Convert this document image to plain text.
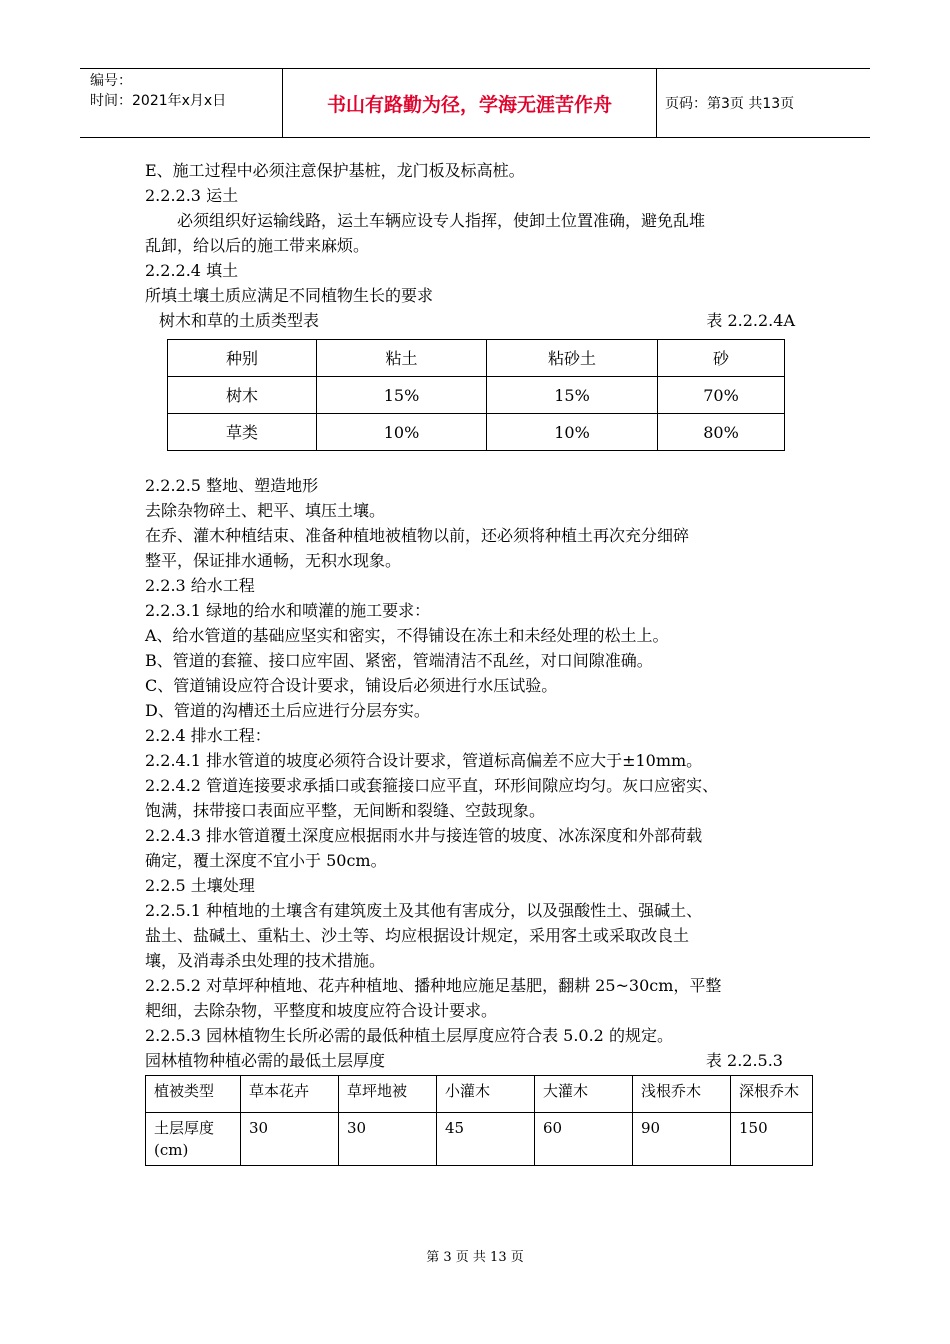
编号：
时间：2021年x月x日	书山有路勤为径，学海无涯苦作舟	页码：第3页 共13页

E、施工过程中必须注意保护基桩，龙门板及标高桩。

2.2.2.3 运土

必须组织好运输线路，运土车辆应设专人指挥，使卸土位置准确，避免乱堆

乱卸，给以后的施工带来麻烦。

2.2.2.4 填土

所填土壤土质应满足不同植物生长的要求

树木和草的土质类型表	表 2.2.2.4A
种别	粘土	粘砂土	砂
树木	15%	15%	70%
草类	10%	10%	80%

2.2.2.5 整地、塑造地形

去除杂物碎土、耙平、填压土壤。

在乔、灌木种植结束、准备种植地被植物以前，还必须将种植土再次充分细碎

整平，保证排水通畅，无积水现象。

2.2.3 给水工程

2.2.3.1 绿地的给水和喷灌的施工要求：

A、给水管道的基础应坚实和密实，不得铺设在冻土和未经处理的松土上。

B、管道的套箍、接口应牢固、紧密，管端清洁不乱丝，对口间隙准确。

C、管道铺设应符合设计要求，铺设后必须进行水压试验。

D、管道的沟槽还土后应进行分层夯实。

2.2.4 排水工程：

2.2.4.1 排水管道的坡度必须符合设计要求，管道标高偏差不应大于±10mm。

2.2.4.2 管道连接要求承插口或套箍接口应平直，环形间隙应均匀。灰口应密实、

饱满，抹带接口表面应平整，无间断和裂缝、空鼓现象。

2.2.4.3 排水管道覆土深度应根据雨水井与接连管的坡度、冰冻深度和外部荷载

确定，覆土深度不宜小于 50cm。

2.2.5 土壤处理

2.2.5.1 种植地的土壤含有建筑废土及其他有害成分，以及强酸性土、强碱土、

盐土、盐碱土、重粘土、沙土等、均应根据设计规定，采用客土或采取改良土

壤，及消毒杀虫处理的技术措施。

2.2.5.2 对草坪种植地、花卉种植地、播种地应施足基肥，翻耕 25~30cm，平整

耙细，去除杂物，平整度和坡度应符合设计要求。

2.2.5.3 园林植物生长所必需的最低种植土层厚度应符合表 5.0.2 的规定。

园林植物种植必需的最低土层厚度	表 2.2.5.3
植被类型	草本花卉	草坪地被	小灌木	大灌木	浅根乔木	深根乔木
土层厚度(cm)	30	30	45	60	90	150
第 3 页 共 13 页
